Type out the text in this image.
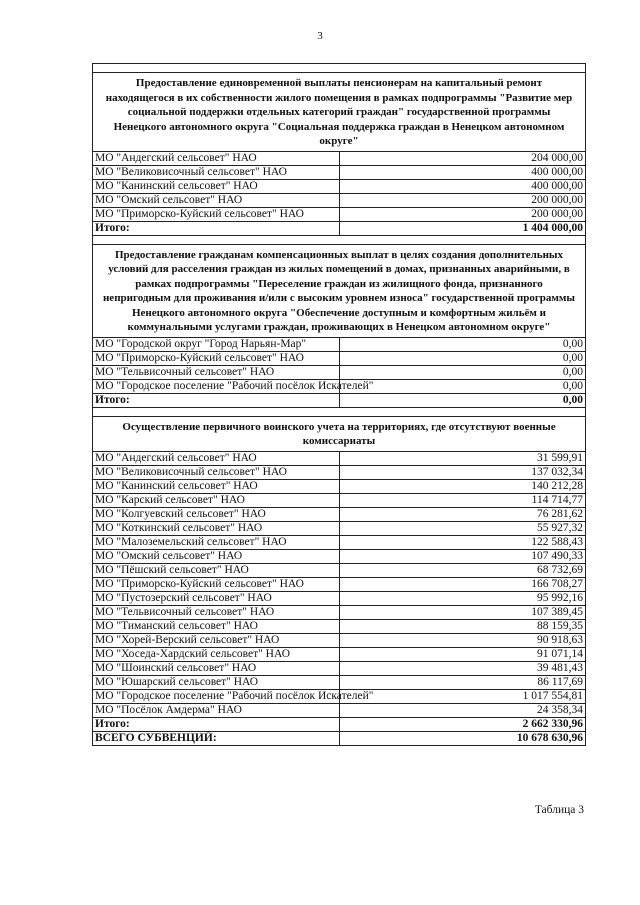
3

Предоставление единовременной выплаты пенсионерам на капитальный ремонт находящегося в их собственности жилого помещения в рамках подпрограммы "Развитие мер социальной поддержки отдельных категорий граждан" государственной программы Ненецкого автономного округа "Социальная поддержка граждан в Ненецком автономном округе"	
МО "Андегский сельсовет" НАО	204 000,00
МО "Великовисочный сельсовет" НАО	400 000,00
МО "Канинский сельсовет" НАО	400 000,00
МО "Омский сельсовет" НАО	200 000,00
МО "Приморско-Куйский сельсовет" НАО	200 000,00
Итого:	1 404 000,00

Предоставление гражданам компенсационных выплат в целях создания дополнительных условий для расселения граждан из жилых помещений в домах, признанных аварийными, в рамках подпрограммы "Переселение граждан из жилищного фонда, признанного непригодным для проживания и/или с высоким уровнем износа" государственной программы Ненецкого автономного округа "Обеспечение доступным и комфортным жильём и коммунальными услугами граждан, проживающих в Ненецком автономном округе"	
МО "Городской округ "Город Нарьян-Мар"	0,00
МО "Приморско-Куйский сельсовет" НАО	0,00
МО "Тельвисочный сельсовет" НАО	0,00
МО "Городское поселение "Рабочий посёлок Искателей"	0,00
Итого:	0,00

Осуществление первичного воинского учета на территориях, где отсутствуют военные комиссариаты	
МО "Андегский сельсовет" НАО	31 599,91
МО "Великовисочный сельсовет" НАО	137 032,34
МО "Канинский сельсовет" НАО	140 212,28
МО "Карский сельсовет" НАО	114 714,77
МО "Колгуевский сельсовет" НАО	76 281,62
МО "Коткинский сельсовет" НАО	55 927,32
МО "Малоземельский сельсовет" НАО	122 588,43
МО "Омский сельсовет" НАО	107 490,33
МО "Пёшский сельсовет" НАО	68 732,69
МО "Приморско-Куйский сельсовет" НАО	166 708,27
МО "Пустозерский сельсовет" НАО	95 992,16
МО "Тельвисочный сельсовет" НАО	107 389,45
МО "Тиманский сельсовет" НАО	88 159,35
МО "Хорей-Верский сельсовет" НАО	90 918,63
МО "Хоседа-Хардский сельсовет" НАО	91 071,14
МО "Шоинский сельсовет" НАО	39 481,43
МО "Юшарский сельсовет" НАО	86 117,69
МО "Городское поселение "Рабочий посёлок Искателей"	1 017 554,81
МО "Посёлок Амдерма" НАО	24 358,34
Итого:	2 662 330,96
ВСЕГО СУБВЕНЦИЙ:	10 678 630,96
Таблица 3
